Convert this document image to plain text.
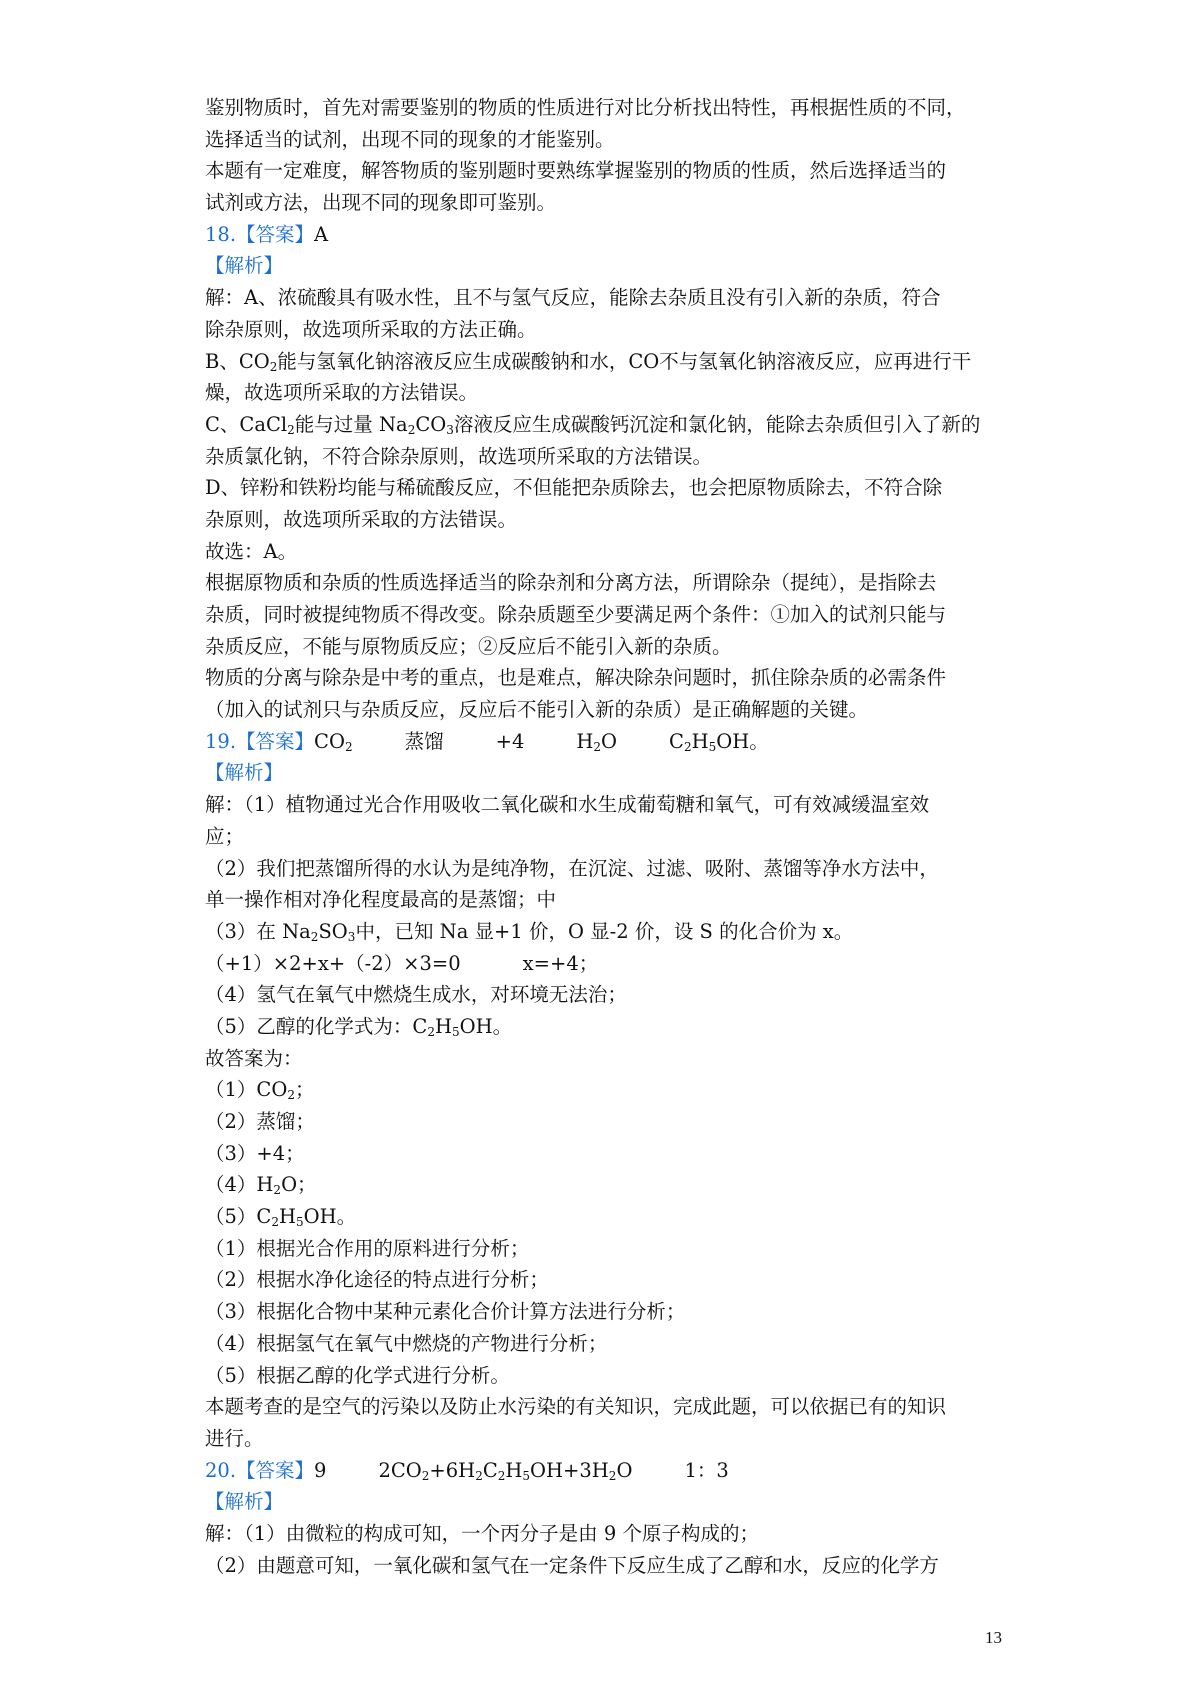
鉴别物质时，首先对需要鉴别的物质的性质进行对比分析找出特性，再根据性质的不同，
选择适当的试剂，出现不同的现象的才能鉴别。
本题有一定难度，解答物质的鉴别题时要熟练掌握鉴别的物质的性质，然后选择适当的
试剂或方法，出现不同的现象即可鉴别。
18.【答案】A
【解析】
解：A、浓硫酸具有吸水性，且不与氢气反应，能除去杂质且没有引入新的杂质，符合
除杂原则，故选项所采取的方法正确。
B、$CO_2$能与氢氧化钠溶液反应生成碳酸钠和水，CO不与氢氧化钠溶液反应，应再进行干
燥，故选项所采取的方法错误。
C、CaCl$_2$能与过量 $Na_2CO_3$溶液反应生成碳酸钙沉淀和氯化钠，能除去杂质但引入了新的
杂质氯化钠，不符合除杂原则，故选项所采取的方法错误。
D、锌粉和铁粉均能与稀硫酸反应，不但能把杂质除去，也会把原物质除去，不符合除
杂原则，故选项所采取的方法错误。
故选：A。
根据原物质和杂质的性质选择适当的除杂剂和分离方法，所谓除杂（提纯），是指除去
杂质，同时被提纯物质不得改变。除杂质题至少要满足两个条件：①加入的试剂只能与
杂质反应，不能与原物质反应；②反应后不能引入新的杂质。
物质的分离与除杂是中考的重点，也是难点，解决除杂问题时，抓住除杂质的必需条件
（加入的试剂只与杂质反应，反应后不能引入新的杂质）是正确解题的关键。
19.【答案】$CO_2$	蒸馏	+4	$H_2O$	$C_2H_5OH$。
【解析】
解：（1）植物通过光合作用吸收二氧化碳和水生成葡萄糖和氧气，可有效减缓温室效
应；
（2）我们把蒸馏所得的水认为是纯净物，在沉淀、过滤、吸附、蒸馏等净水方法中，
单一操作相对净化程度最高的是蒸馏；中
（3）在 $Na_2SO_3$中，已知 Na 显+1 价，O 显-2 价，设 S 的化合价为 x。
（+1）×2+x+（-2）×3=0	x=+4；
（4）氢气在氧气中燃烧生成水，对环境无法治；
（5）乙醇的化学式为：$C_2H_5OH$。
故答案为：
$(1)CO_2$；
（2）蒸馏；
（3）+4；
$(4)H_2O$；
$(5)C_2H_5OH$。
（1）根据光合作用的原料进行分析；
（2）根据水净化途径的特点进行分析；
（3）根据化合物中某种元素化合价计算方法进行分析；
（4）根据氢气在氧气中燃烧的产物进行分析；
（5）根据乙醇的化学式进行分析。
本题考查的是空气的污染以及防止水污染的有关知识，完成此题，可以依据已有的知识
进行。
20.【答案】9	$2CO_2+6H_2C_2H_5OH+3H_2O$	1：3
【解析】
解：（1）由微粒的构成可知，一个丙分子是由 9 个原子构成的；
（2）由题意可知，一氧化碳和氢气在一定条件下反应生成了乙醇和水，反应的化学方
13
